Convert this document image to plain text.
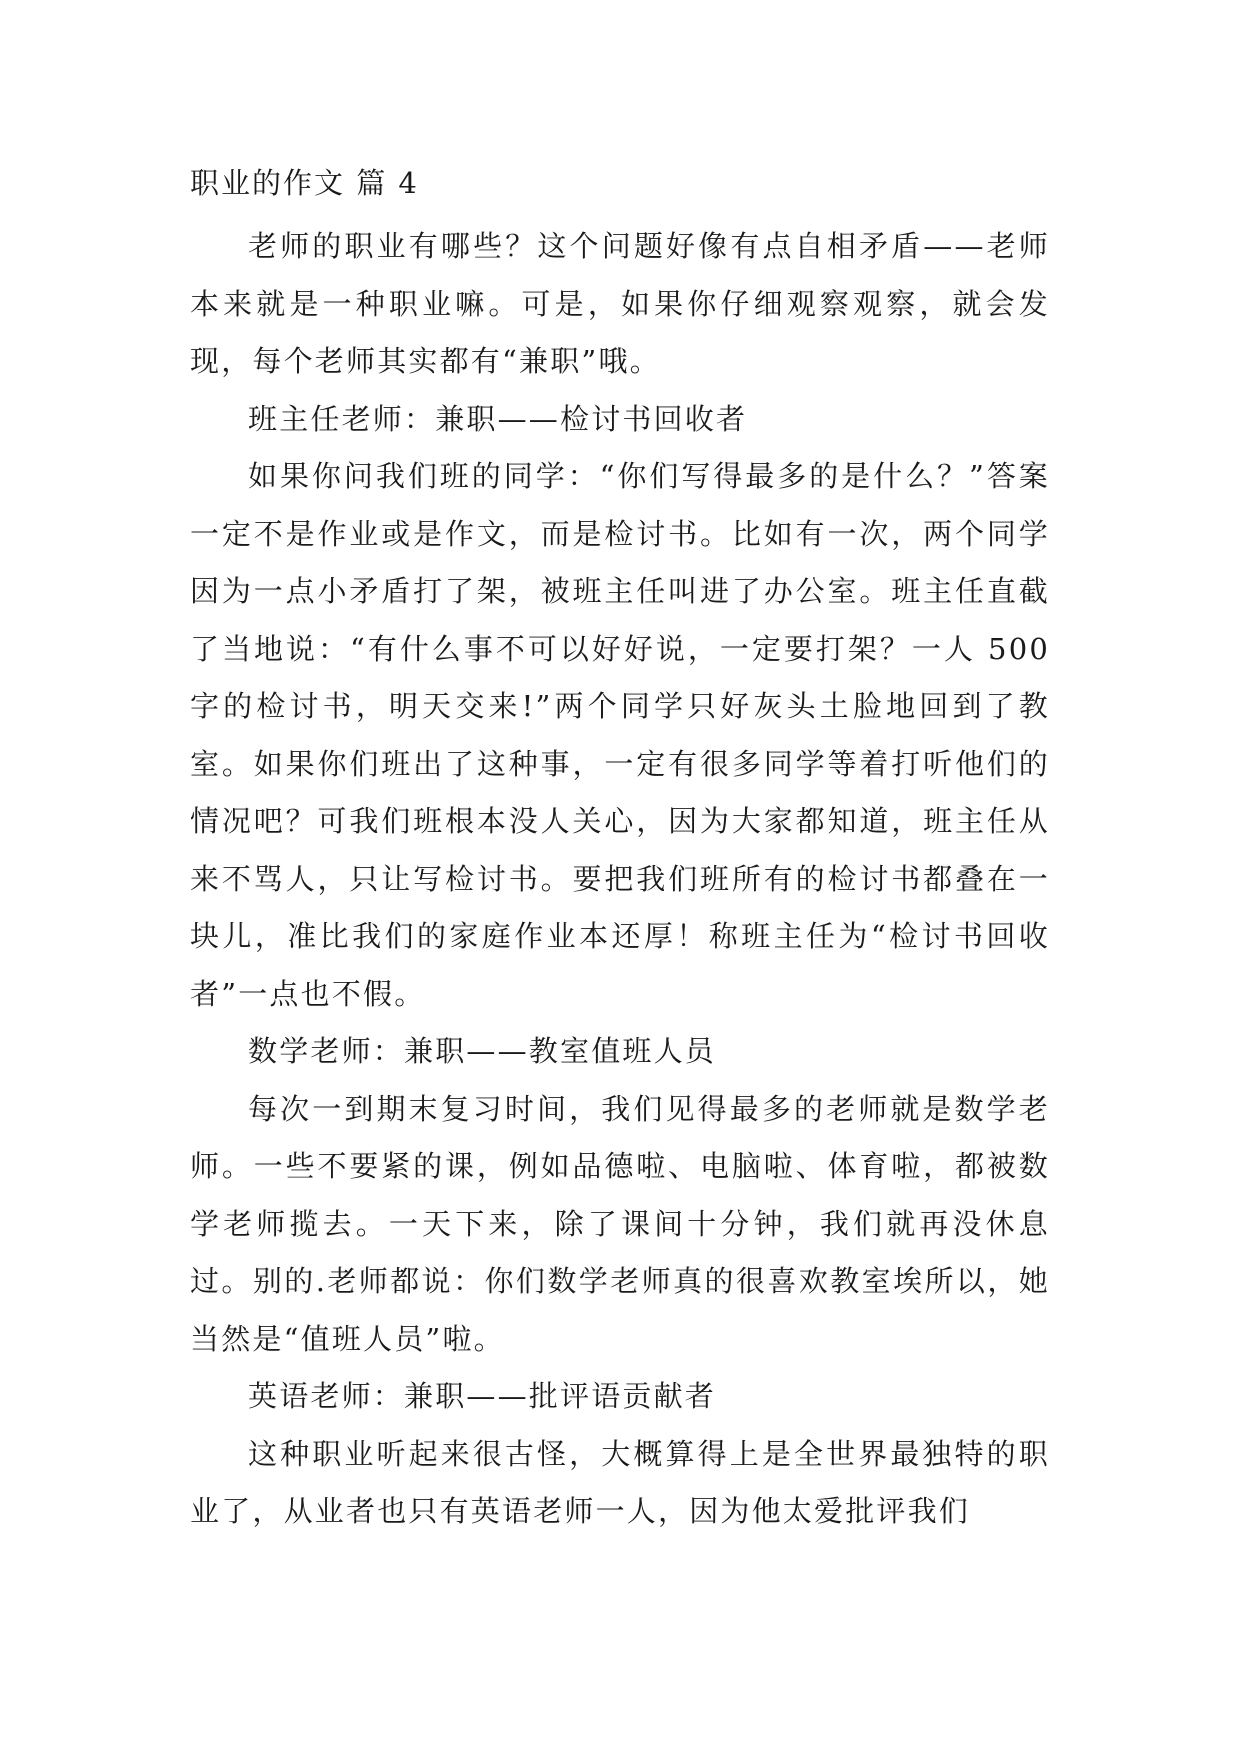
职业的作文 篇 4

老师的职业有哪些？这个问题好像有点自相矛盾——老师本来就是一种职业嘛。可是，如果你仔细观察观察，就会发现，每个老师其实都有“兼职”哦。

班主任老师：兼职——检讨书回收者

如果你问我们班的同学：“你们写得最多的是什么？”答案一定不是作业或是作文，而是检讨书。比如有一次，两个同学因为一点小矛盾打了架，被班主任叫进了办公室。班主任直截了当地说：“有什么事不可以好好说，一定要打架？一人 500 字的检讨书，明天交来!”两个同学只好灰头土脸地回到了教室。如果你们班出了这种事，一定有很多同学等着打听他们的情况吧？可我们班根本没人关心，因为大家都知道，班主任从来不骂人，只让写检讨书。要把我们班所有的检讨书都叠在一块儿，准比我们的家庭作业本还厚！称班主任为“检讨书回收者”一点也不假。

数学老师：兼职——教室值班人员

每次一到期末复习时间，我们见得最多的老师就是数学老师。一些不要紧的课，例如品德啦、电脑啦、体育啦，都被数学老师揽去。一天下来，除了课间十分钟，我们就再没休息过。别的.老师都说：你们数学老师真的很喜欢教室埃所以，她当然是“值班人员”啦。

英语老师：兼职——批评语贡献者

这种职业听起来很古怪，大概算得上是全世界最独特的职业了，从业者也只有英语老师一人，因为他太爱批评我们
